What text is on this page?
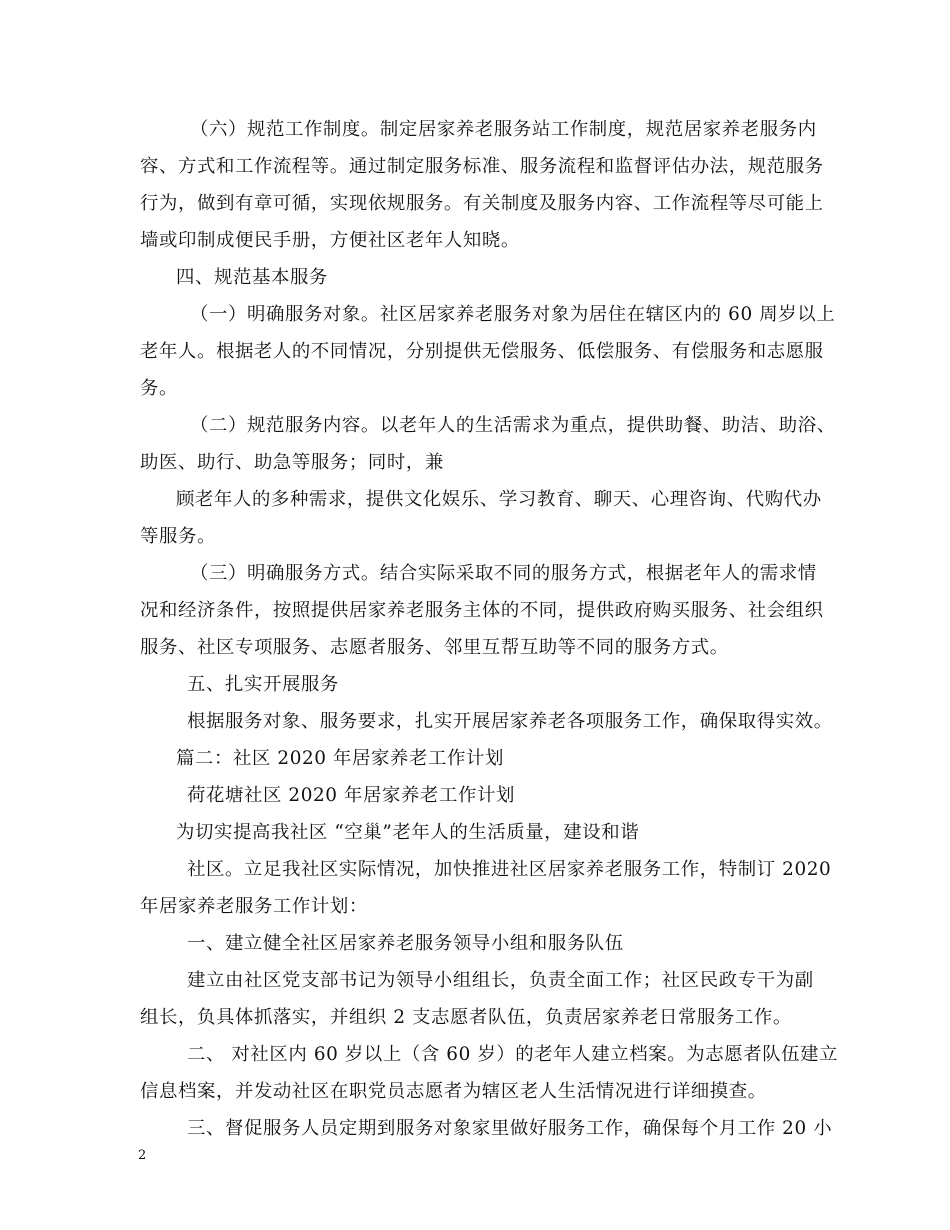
（六）规范工作制度。制定居家养老服务站工作制度，规范居家养老服务内
容、方式和工作流程等。通过制定服务标准、服务流程和监督评估办法，规范服务
行为，做到有章可循，实现依规服务。有关制度及服务内容、工作流程等尽可能上
墙或印制成便民手册，方便社区老年人知晓。
四、规范基本服务
（一）明确服务对象。社区居家养老服务对象为居住在辖区内的 60 周岁以上
老年人。根据老人的不同情况，分别提供无偿服务、低偿服务、有偿服务和志愿服
务。
（二）规范服务内容。以老年人的生活需求为重点，提供助餐、助洁、助浴、
助医、助行、助急等服务；同时，兼
顾老年人的多种需求，提供文化娱乐、学习教育、聊天、心理咨询、代购代办
等服务。
（三）明确服务方式。结合实际采取不同的服务方式，根据老年人的需求情
况和经济条件，按照提供居家养老服务主体的不同，提供政府购买服务、社会组织
服务、社区专项服务、志愿者服务、邻里互帮互助等不同的服务方式。
五、扎实开展服务
根据服务对象、服务要求，扎实开展居家养老各项服务工作，确保取得实效。
篇二：社区 2020 年居家养老工作计划
荷花塘社区 2020 年居家养老工作计划
为切实提高我社区 “空巢”老年人的生活质量，建设和谐
社区。立足我社区实际情况，加快推进社区居家养老服务工作，特制订 2020
年居家养老服务工作计划：
一、建立健全社区居家养老服务领导小组和服务队伍
建立由社区党支部书记为领导小组组长，负责全面工作；社区民政专干为副
组长，负具体抓落实，并组织 2 支志愿者队伍，负责居家养老日常服务工作。
二、 对社区内 60 岁以上（含 60 岁）的老年人建立档案。为志愿者队伍建立
信息档案，并发动社区在职党员志愿者为辖区老人生活情况进行详细摸查。
三、督促服务人员定期到服务对象家里做好服务工作，确保每个月工作 20 小
2
